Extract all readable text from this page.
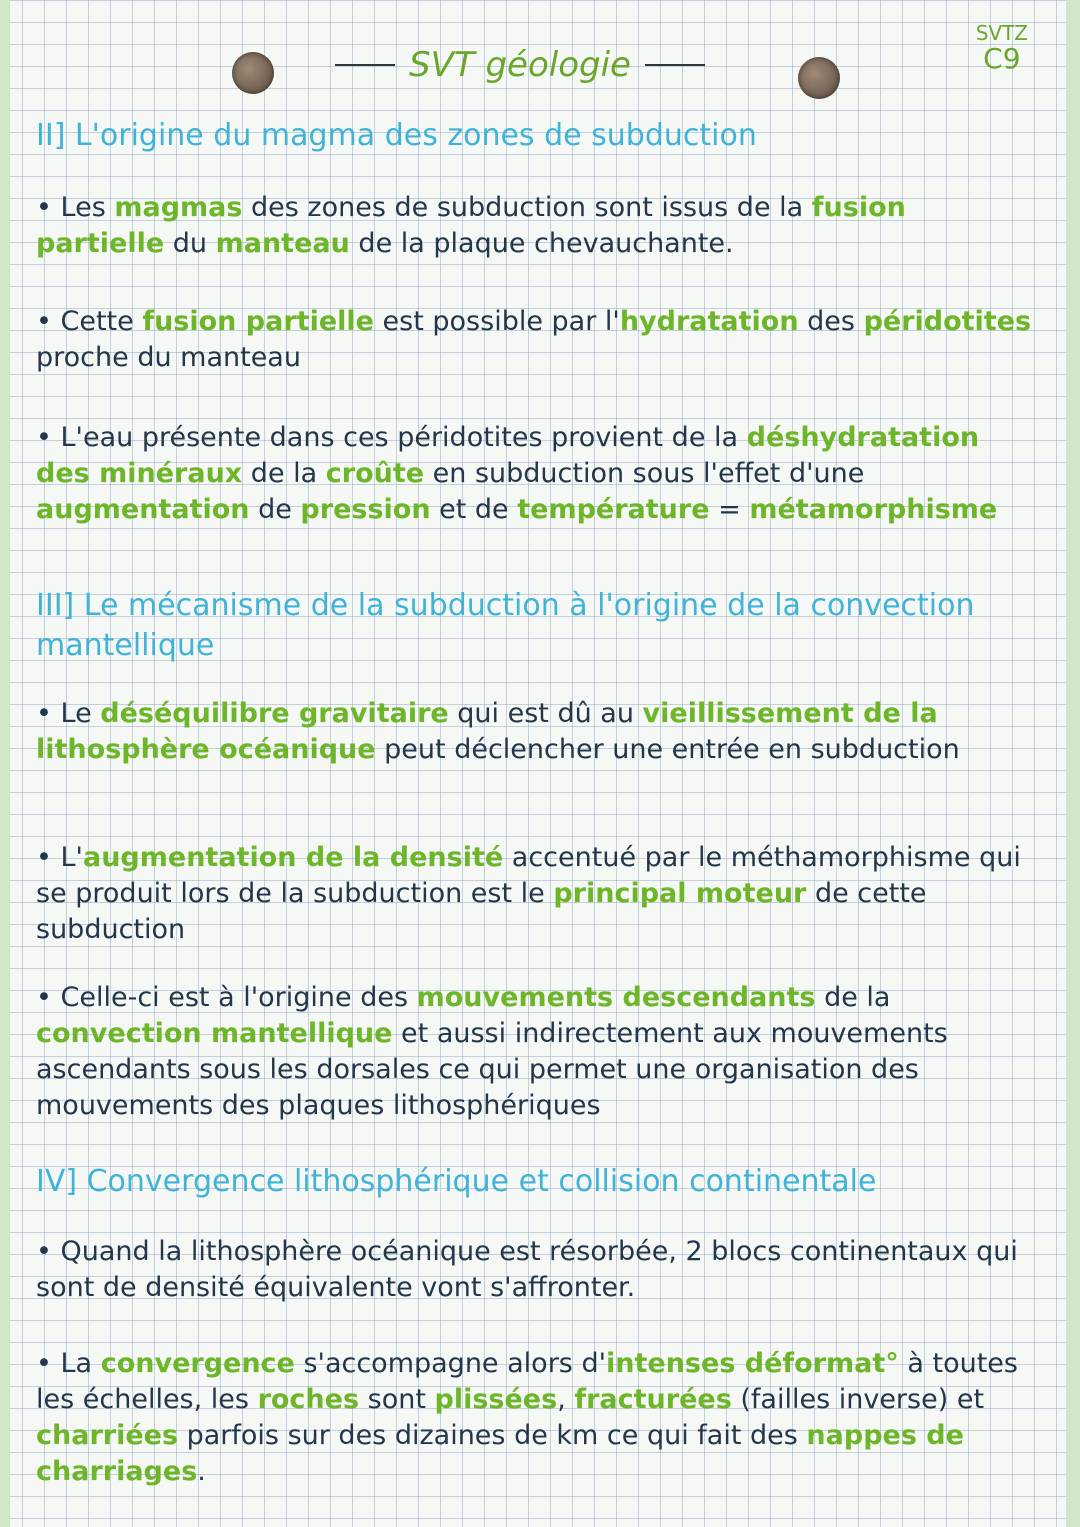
SVT géologie
SVTZ
C9
II] L'origine du magma des zones de subduction
• Les magmas des zones de subduction sont issus de la fusion partielle du manteau de la plaque chevauchante.
• Cette fusion partielle est possible par l'hydratation des péridotites proche du manteau
• L'eau présente dans ces péridotites provient de la déshydratation des minéraux de la croûte en subduction sous l'effet d'une augmentation de pression et de température = métamorphisme
III] Le mécanisme de la subduction à l'origine de la convection mantellique
• Le déséquilibre gravitaire qui est dû au vieillissement de la lithosphère océanique peut déclencher une entrée en subduction
• L'augmentation de la densité accentué par le méthamorphisme qui se produit lors de la subduction est le principal moteur de cette subduction
• Celle-ci est à l'origine des mouvements descendants de la convection mantellique et aussi indirectement aux mouvements ascendants sous les dorsales ce qui permet une organisation des mouvements des plaques lithosphériques
IV] Convergence lithosphérique et collision continentale
• Quand la lithosphère océanique est résorbée, 2 blocs continentaux qui sont de densité équivalente vont s'affronter.
• La convergence s'accompagne alors d'intenses déformat° à toutes les échelles, les roches sont plissées, fracturées (failles inverse) et charriées parfois sur des dizaines de km ce qui fait des nappes de charriages.
